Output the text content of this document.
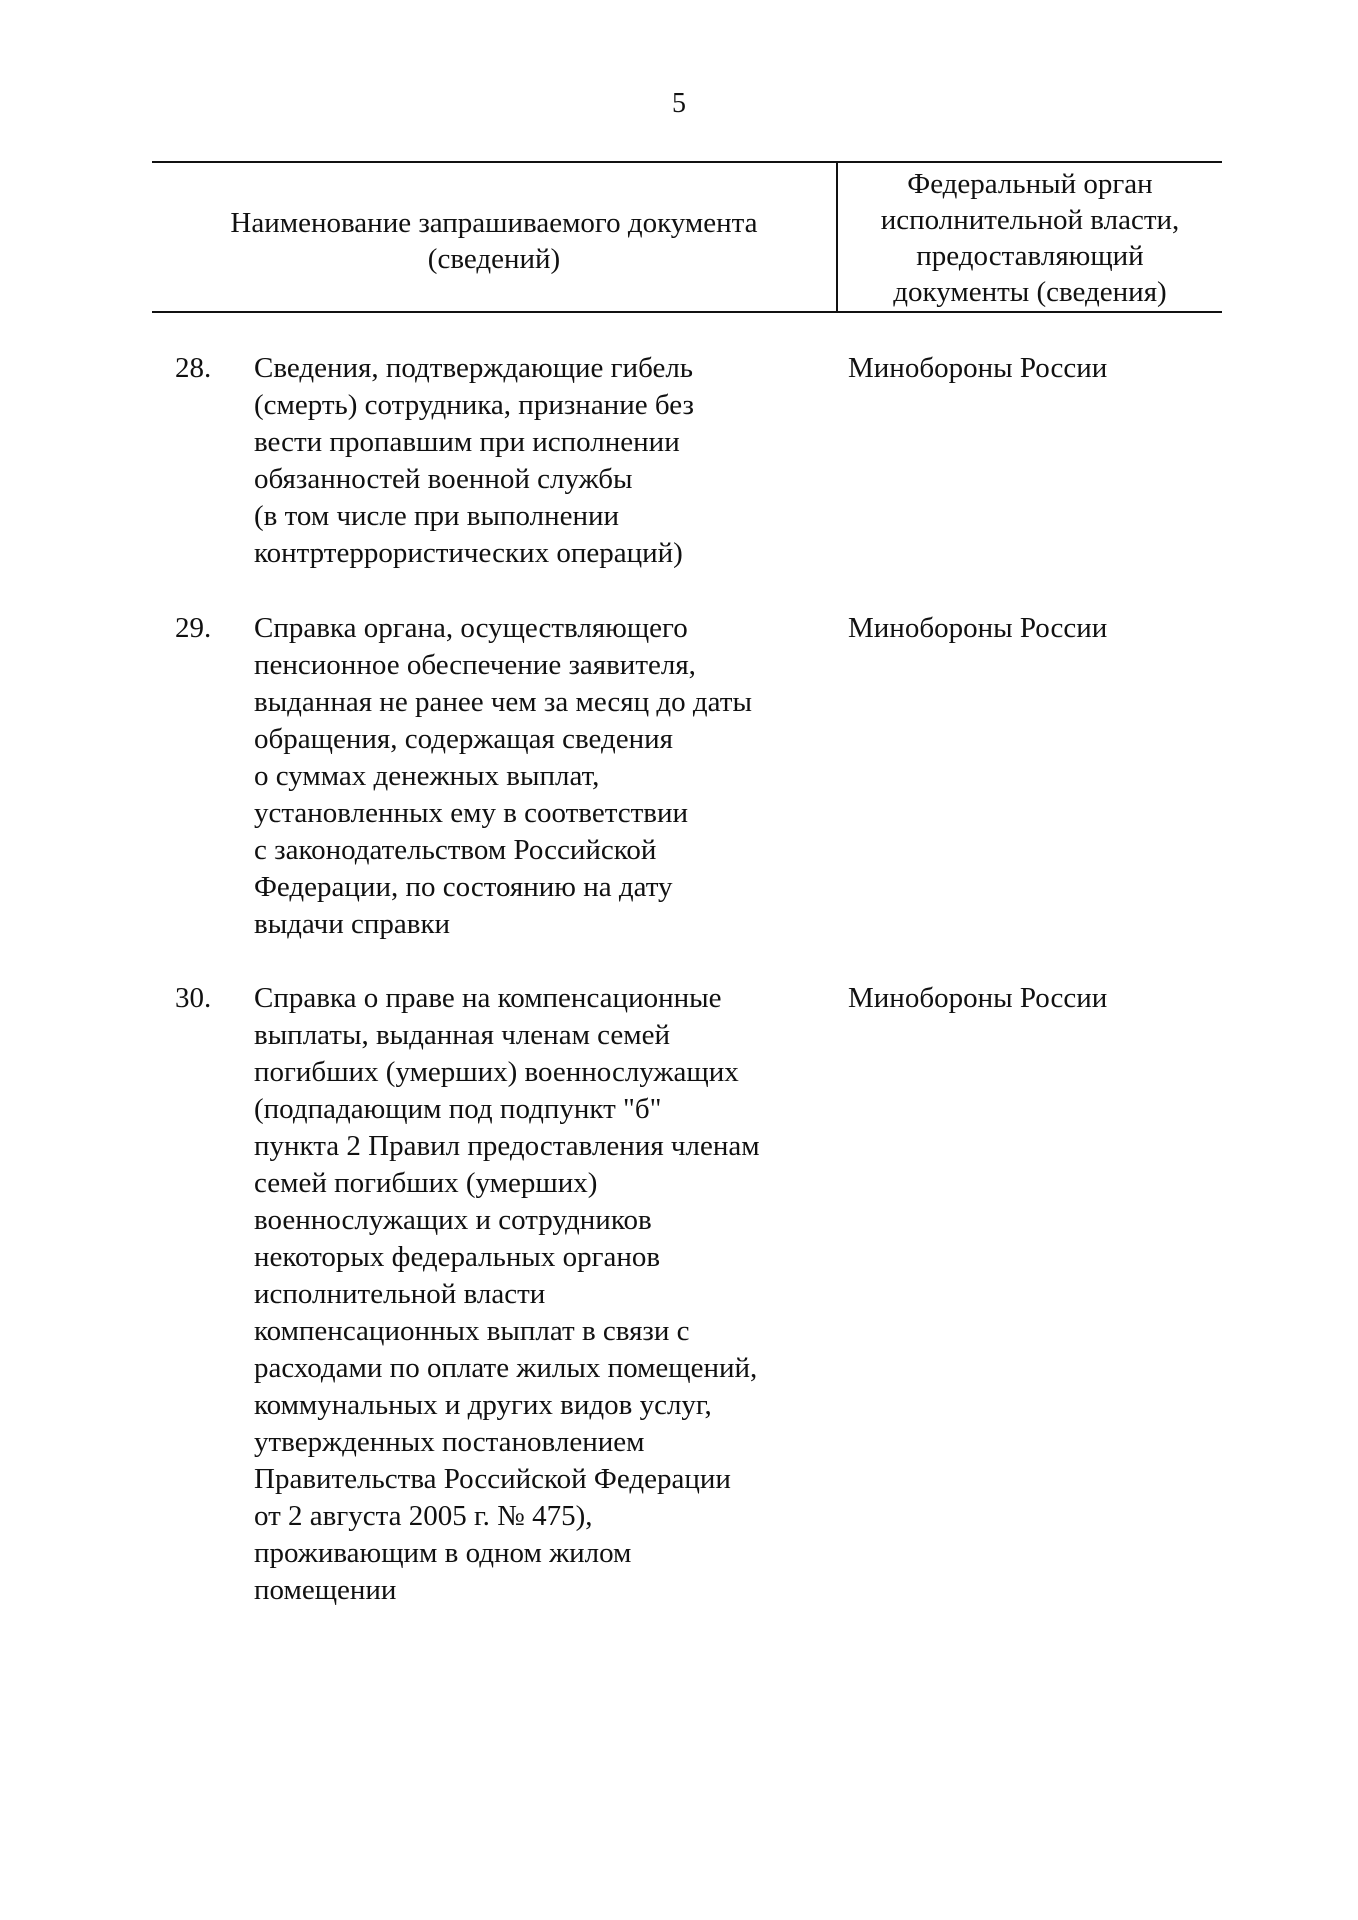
5
Наименование запрашиваемого документа
(сведений)
Федеральный орган
исполнительной власти,
предоставляющий
документы (сведения)
28. Сведения, подтверждающие гибель
(смерть) сотрудника, признание без
вести пропавшим при исполнении
обязанностей военной службы
(в том числе при выполнении
контртеррористических операций)
Минобороны России
29. Справка органа, осуществляющего
пенсионное обеспечение заявителя,
выданная не ранее чем за месяц до даты
обращения, содержащая сведения
о суммах денежных выплат,
установленных ему в соответствии
с законодательством Российской
Федерации, по состоянию на дату
выдачи справки
Минобороны России
30. Справка о праве на компенсационные
выплаты, выданная членам семей
погибших (умерших) военнослужащих
(подпадающим под подпункт "б"
пункта 2 Правил предоставления членам
семей погибших (умерших)
военнослужащих и сотрудников
некоторых федеральных органов
исполнительной власти
компенсационных выплат в связи с
расходами по оплате жилых помещений,
коммунальных и других видов услуг,
утвержденных постановлением
Правительства Российской Федерации
от 2 августа 2005 г. № 475),
проживающим в одном жилом
помещении
Минобороны России
